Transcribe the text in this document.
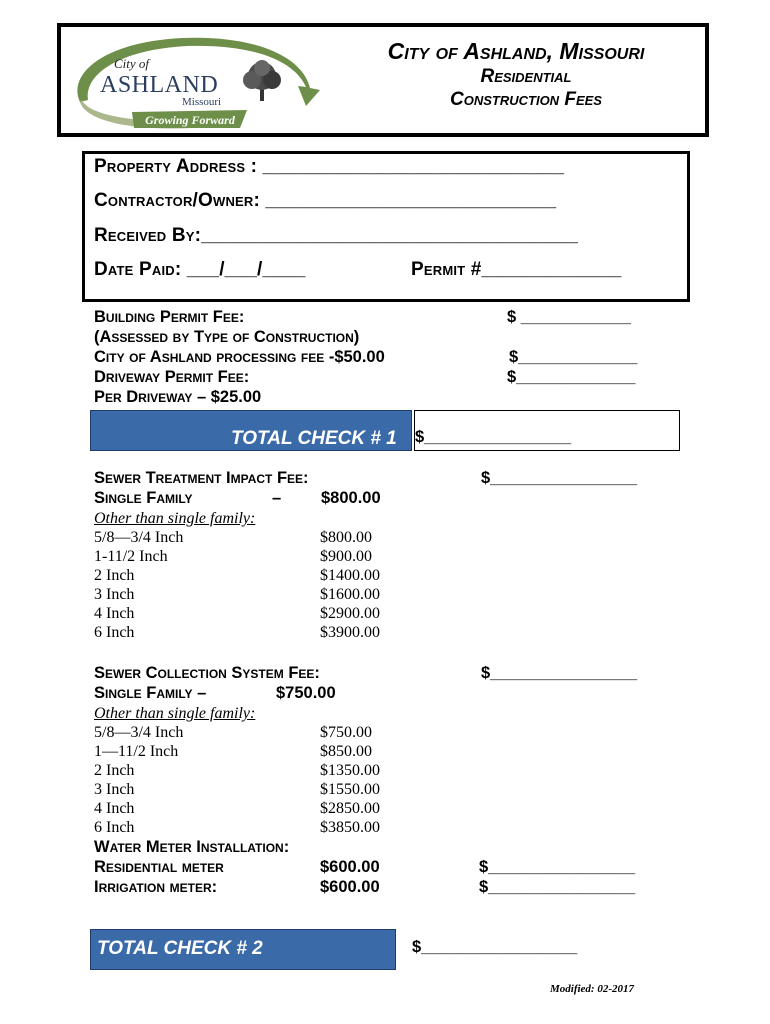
Growing Forward
City of
ASHLAND
Missouri
City of Ashland, Missouri
Residential
Construction Fees
Property Address : ____________________________
Contractor/Owner: ___________________________
Received By:___________________________________
Date Paid: ___/___/____	Permit #_____________
Building Permit Fee:	$ ____________
(Assessed by Type of Construction)
City of Ashland processing fee -$50.00	$_____________
Driveway Permit Fee:	$_____________
Per Driveway – $25.00
TOTAL CHECK # 1 $________________
Sewer Treatment Impact Fee:	$________________
Single Family	– $800.00
Other than single family:
5/8—3/4 Inch	$800.00
1-11/2 Inch	$900.00
2 Inch	$1400.00
3 Inch	$1600.00
4 Inch	$2900.00
6 Inch	$3900.00
Sewer Collection System Fee:	$________________
Single Family –	$750.00
Other than single family:
5/8—3/4 Inch	$750.00
1—11/2 Inch	$850.00
2 Inch	$1350.00
3 Inch	$1550.00
4 Inch	$2850.00
6 Inch	$3850.00
Water Meter Installation:
Residential meter	$600.00	$________________
Irrigation meter:	$600.00	$________________
TOTAL CHECK # 2	$_________________
Modified: 02-2017
